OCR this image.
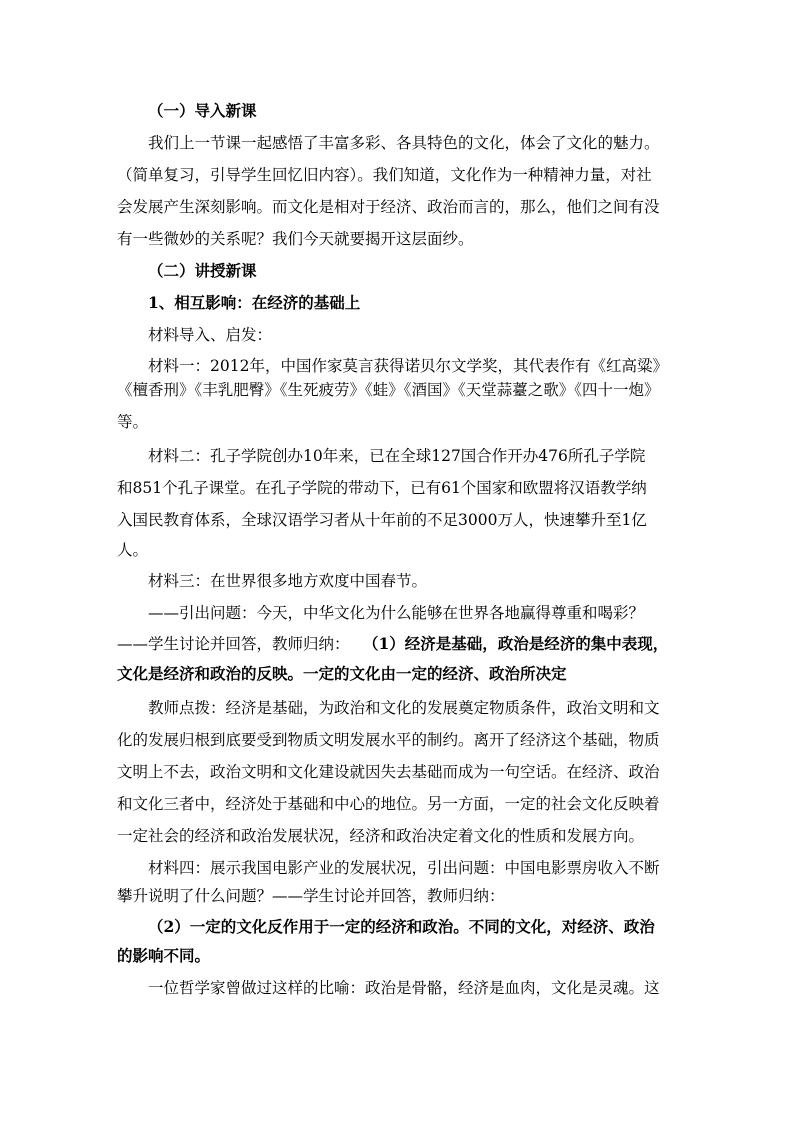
（一）导入新课
我们上一节课一起感悟了丰富多彩、各具特色的文化，体会了文化的魅力。
（简单复习，引导学生回忆旧内容）。我们知道，文化作为一种精神力量，对社
会发展产生深刻影响。而文化是相对于经济、政治而言的，那么，他们之间有没
有一些微妙的关系呢？我们今天就要揭开这层面纱。
（二）讲授新课
1、相互影响：在经济的基础上
材料导入、启发：
材料一：2012年，中国作家莫言获得诺贝尔文学奖，其代表作有《红高粱》
《檀香刑》《丰乳肥臀》《生死疲劳》《蛙》《酒国》《天堂蒜薹之歌》《四十一炮》
等。
材料二：孔子学院创办10年来，已在全球127国合作开办476所孔子学院
和851个孔子课堂。在孔子学院的带动下，已有61个国家和欧盟将汉语教学纳
入国民教育体系，全球汉语学习者从十年前的不足3000万人，快速攀升至1亿
人。
材料三：在世界很多地方欢度中国春节。
——引出问题：今天，中华文化为什么能够在世界各地赢得尊重和喝彩？
——学生讨论并回答，教师归纳： （1）经济是基础，政治是经济的集中表现，
文化是经济和政治的反映。一定的文化由一定的经济、政治所决定
教师点拨：经济是基础，为政治和文化的发展奠定物质条件，政治文明和文
化的发展归根到底要受到物质文明发展水平的制约。离开了经济这个基础，物质
文明上不去，政治文明和文化建设就因失去基础而成为一句空话。在经济、政治
和文化三者中，经济处于基础和中心的地位。另一方面，一定的社会文化反映着
一定社会的经济和政治发展状况，经济和政治决定着文化的性质和发展方向。
材料四：展示我国电影产业的发展状况，引出问题：中国电影票房收入不断
攀升说明了什么问题？——学生讨论并回答，教师归纳：
（2）一定的文化反作用于一定的经济和政治。不同的文化，对经济、政治
的影响不同。
一位哲学家曾做过这样的比喻：政治是骨骼，经济是血肉，文化是灵魂。这
